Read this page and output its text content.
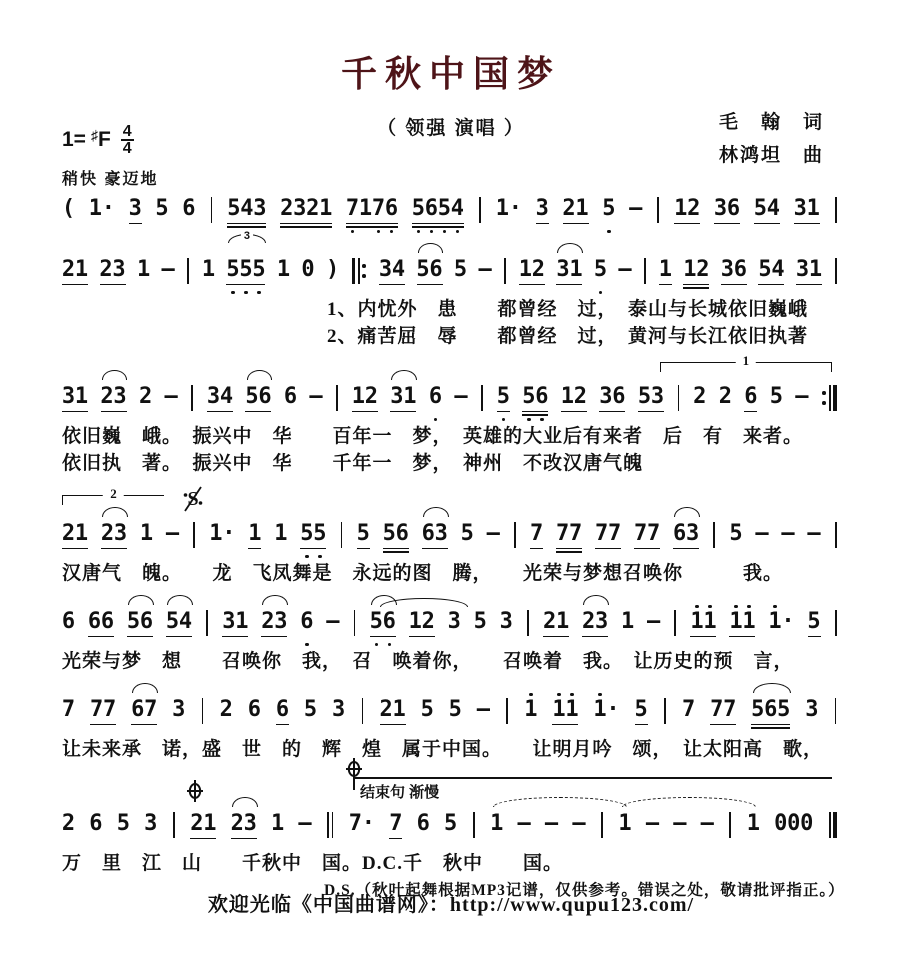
千秋中国梦
（ 领强 演唱 ）	毛　翰　词
林鸿坦　曲
1= ♯ F $\frac{4}{4}$
稍快 豪迈地
( 1 · 3 5 6 5 4 3 2 3 2 1 7 1 7 6 5 6 5 4 1 · 3 2 1 5 – 1 2 3 6 5 4 3 1
2 1 2 3 1 – 1
$^3$
5 5 5 1 0 ) 3 4 5 6 5 – 1 2 3 1 5 – 1 1 2 3 6 5 4 3 1
1、内忧外　患　　都曾经　过，　泰山与长城依旧巍峨
2、痛苦屈　辱　　都曾经　过，　黄河与长江依旧执著
1
3 1 2 3 2 – 3 4 5 6 6 – 1 2 3 1 6 – 5 5 6 1 2 3 6 5 3 2 2 6 5 –
依旧巍　峨。　振兴中　华　　百年一　梦，　英雄的大业后有来者　后　有　来者。
依旧执　著。　振兴中　华　　千年一　梦，　神州　不改汉唐气魄
2	S
2 1 2 3 1 – 1 · 1 1 5 5 5 5 6 6 3 5 – 7 7 7 7 7 7 7 6 3 5 – – –
汉唐气　魄。　　龙　飞凤舞是　永远的图　腾，　　光荣与梦想召唤你　　　我。
6 6 6 5 6 5 4 3 1 2 3 6 – 5 6 1 2 3 5 3 2 1 2 3 1 – 1 1 1 1 1 · 5
光荣与梦　想　　召唤你　我，　召　唤着你，　　召唤着　我。　让历史的预　言，
7 7 7 6 7 3 2 6 6 5 3 2 1 5 5 – 1 1 1 1 · 5 7 7 7 5 6 5 3
让未来承　诺，盛　世　的　辉　煌　属于中国。　　让明月吟　颂，　让太阳高　歌，
结束句 渐慢
2 6 5 3 2 1 2 3 1 – 7 · 7 6 5 1 – – – 1 – – – 1 0 0 0
万　里　江　山　　千秋中　国。D.C.千　秋中　　国。
D.S.（秋叶起舞根据MP3记谱，仅供参考。错误之处，敬请批评指正。）
欢迎光临《中国曲谱网》：http://www.qupu123.com/
